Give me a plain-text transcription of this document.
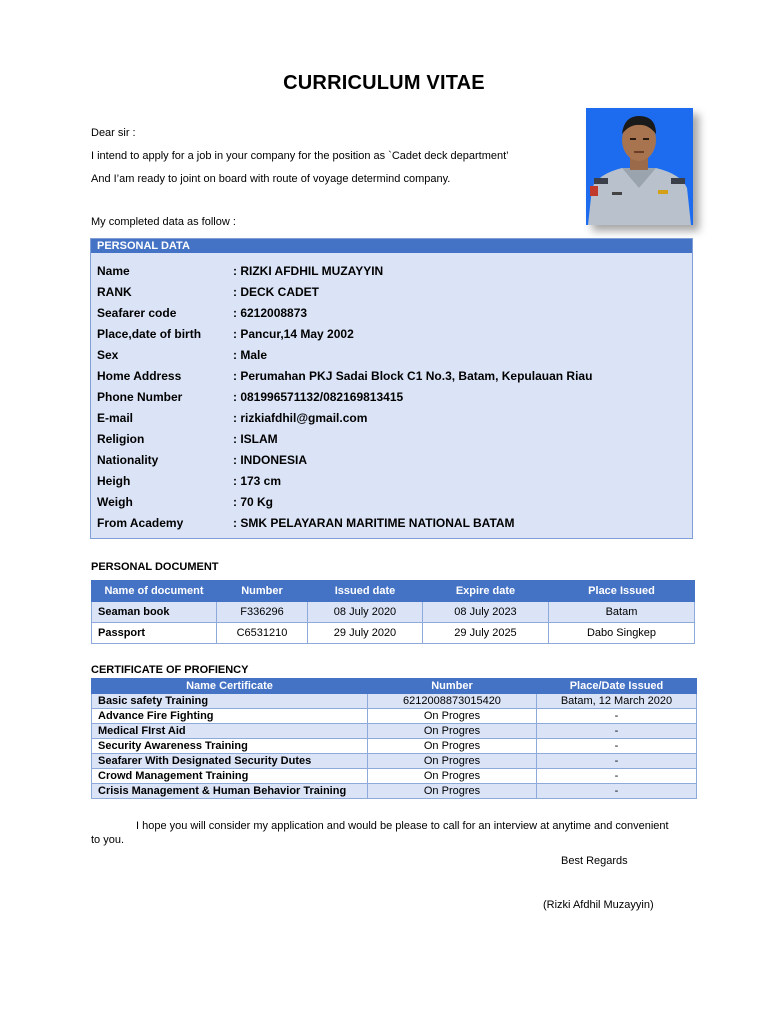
CURRICULUM VITAE
Dear sir :
I intend to apply for a job in your company for the position as `Cadet deck department’
And I’am ready to joint on board with route of voyage determind company.
My completed data as follow :
PERSONAL DATA
Name	: RIZKI AFDHIL MUZAYYIN
RANK	: DECK CADET
Seafarer code	: 6212008873
Place,date of birth	: Pancur,14 May 2002
Sex	: Male
Home Address	: Perumahan PKJ Sadai Block C1 No.3, Batam, Kepulauan Riau
Phone Number	: 081996571132/082169813415
E-mail	: rizkiafdhil@gmail.com
Religion	: ISLAM
Nationality	: INDONESIA
Heigh	: 173 cm
Weigh	: 70 Kg
From Academy	: SMK PELAYARAN MARITIME NATIONAL BATAM
PERSONAL DOCUMENT
Name of document	Number	Issued date	Expire date	Place Issued
Seaman book	F336296	08 July 2020	08 July 2023	Batam
Passport	C6531210	29 July 2020	29 July 2025	Dabo Singkep
CERTIFICATE OF PROFIENCY
Name Certificate	Number	Place/Date Issued
Basic safety Training	6212008873015420	Batam, 12 March 2020
Advance Fire Fighting	On Progres	-
Medical FIrst Aid	On Progres	-
Security Awareness Training	On Progres	-
Seafarer With Designated Security Dutes	On Progres	-
Crowd Management Training	On Progres	-
Crisis Management & Human Behavior Training	On Progres	-
I hope you will consider my application and would be please to call for an interview at anytime and convenient
to you.
Best Regards
(Rizki Afdhil Muzayyin)
